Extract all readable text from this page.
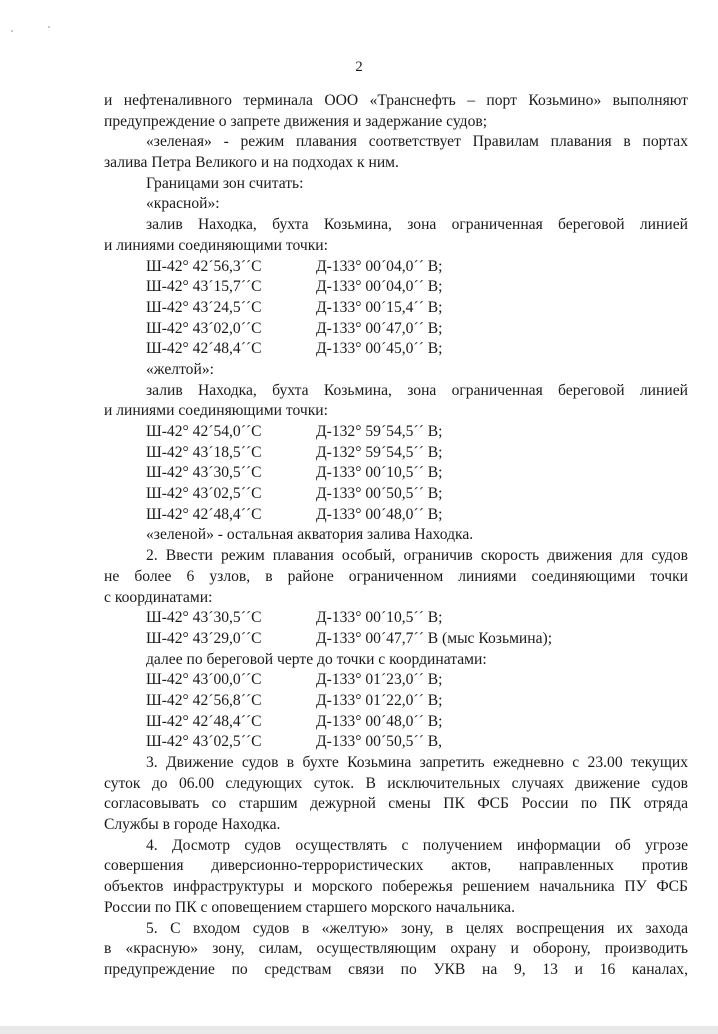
2
и нефтеналивного терминала ООО «Транснефть – порт Козьмино» выполняют
предупреждение о запрете движения и задержание судов;
«зеленая» - режим плавания соответствует Правилам плавания в портах
залива Петра Великого и на подходах к ним.
Границами зон считать:
«красной»:
залив Находка, бухта Козьмина, зона ограниченная береговой линией
и линиями соединяющими точки:
Ш-42° 42´56,3´´С	Д-133° 00´04,0´´ В;
Ш-42° 43´15,7´´С	Д-133° 00´04,0´´ В;
Ш-42° 43´24,5´´С	Д-133° 00´15,4´´ В;
Ш-42° 43´02,0´´С	Д-133° 00´47,0´´ В;
Ш-42° 42´48,4´´С	Д-133° 00´45,0´´ В;
«желтой»:
залив Находка, бухта Козьмина, зона ограниченная береговой линией
и линиями соединяющими точки:
Ш-42° 42´54,0´´С	Д-132° 59´54,5´´ В;
Ш-42° 43´18,5´´С	Д-132° 59´54,5´´ В;
Ш-42° 43´30,5´´С	Д-133° 00´10,5´´ В;
Ш-42° 43´02,5´´С	Д-133° 00´50,5´´ В;
Ш-42° 42´48,4´´С	Д-133° 00´48,0´´ В;
«зеленой» - остальная акватория залива Находка.
2. Ввести режим плавания особый, ограничив скорость движения для судов
не более 6 узлов, в районе ограниченном линиями соединяющими точки
с координатами:
Ш-42° 43´30,5´´С	Д-133° 00´10,5´´ В;
Ш-42° 43´29,0´´С	Д-133° 00´47,7´´ В (мыс Козьмина);
далее по береговой черте до точки с координатами:
Ш-42° 43´00,0´´С	Д-133° 01´23,0´´ В;
Ш-42° 42´56,8´´С	Д-133° 01´22,0´´ В;
Ш-42° 42´48,4´´С	Д-133° 00´48,0´´ В;
Ш-42° 43´02,5´´С	Д-133° 00´50,5´´ В,
3. Движение судов в бухте Козьмина запретить ежедневно с 23.00 текущих
суток до 06.00 следующих суток. В исключительных случаях движение судов
согласовывать со старшим дежурной смены ПК ФСБ России по ПК отряда
Службы в городе Находка.
4. Досмотр судов осуществлять с получением информации об угрозе
совершения диверсионно-террористических актов, направленных против
объектов инфраструктуры и морского побережья решением начальника ПУ ФСБ
России по ПК с оповещением старшего морского начальника.
5. С входом судов в «желтую» зону, в целях воспрещения их захода
в «красную» зону, силам, осуществляющим охрану и оборону, производить
предупреждение по средствам связи по УКВ на 9, 13 и 16 каналах,
